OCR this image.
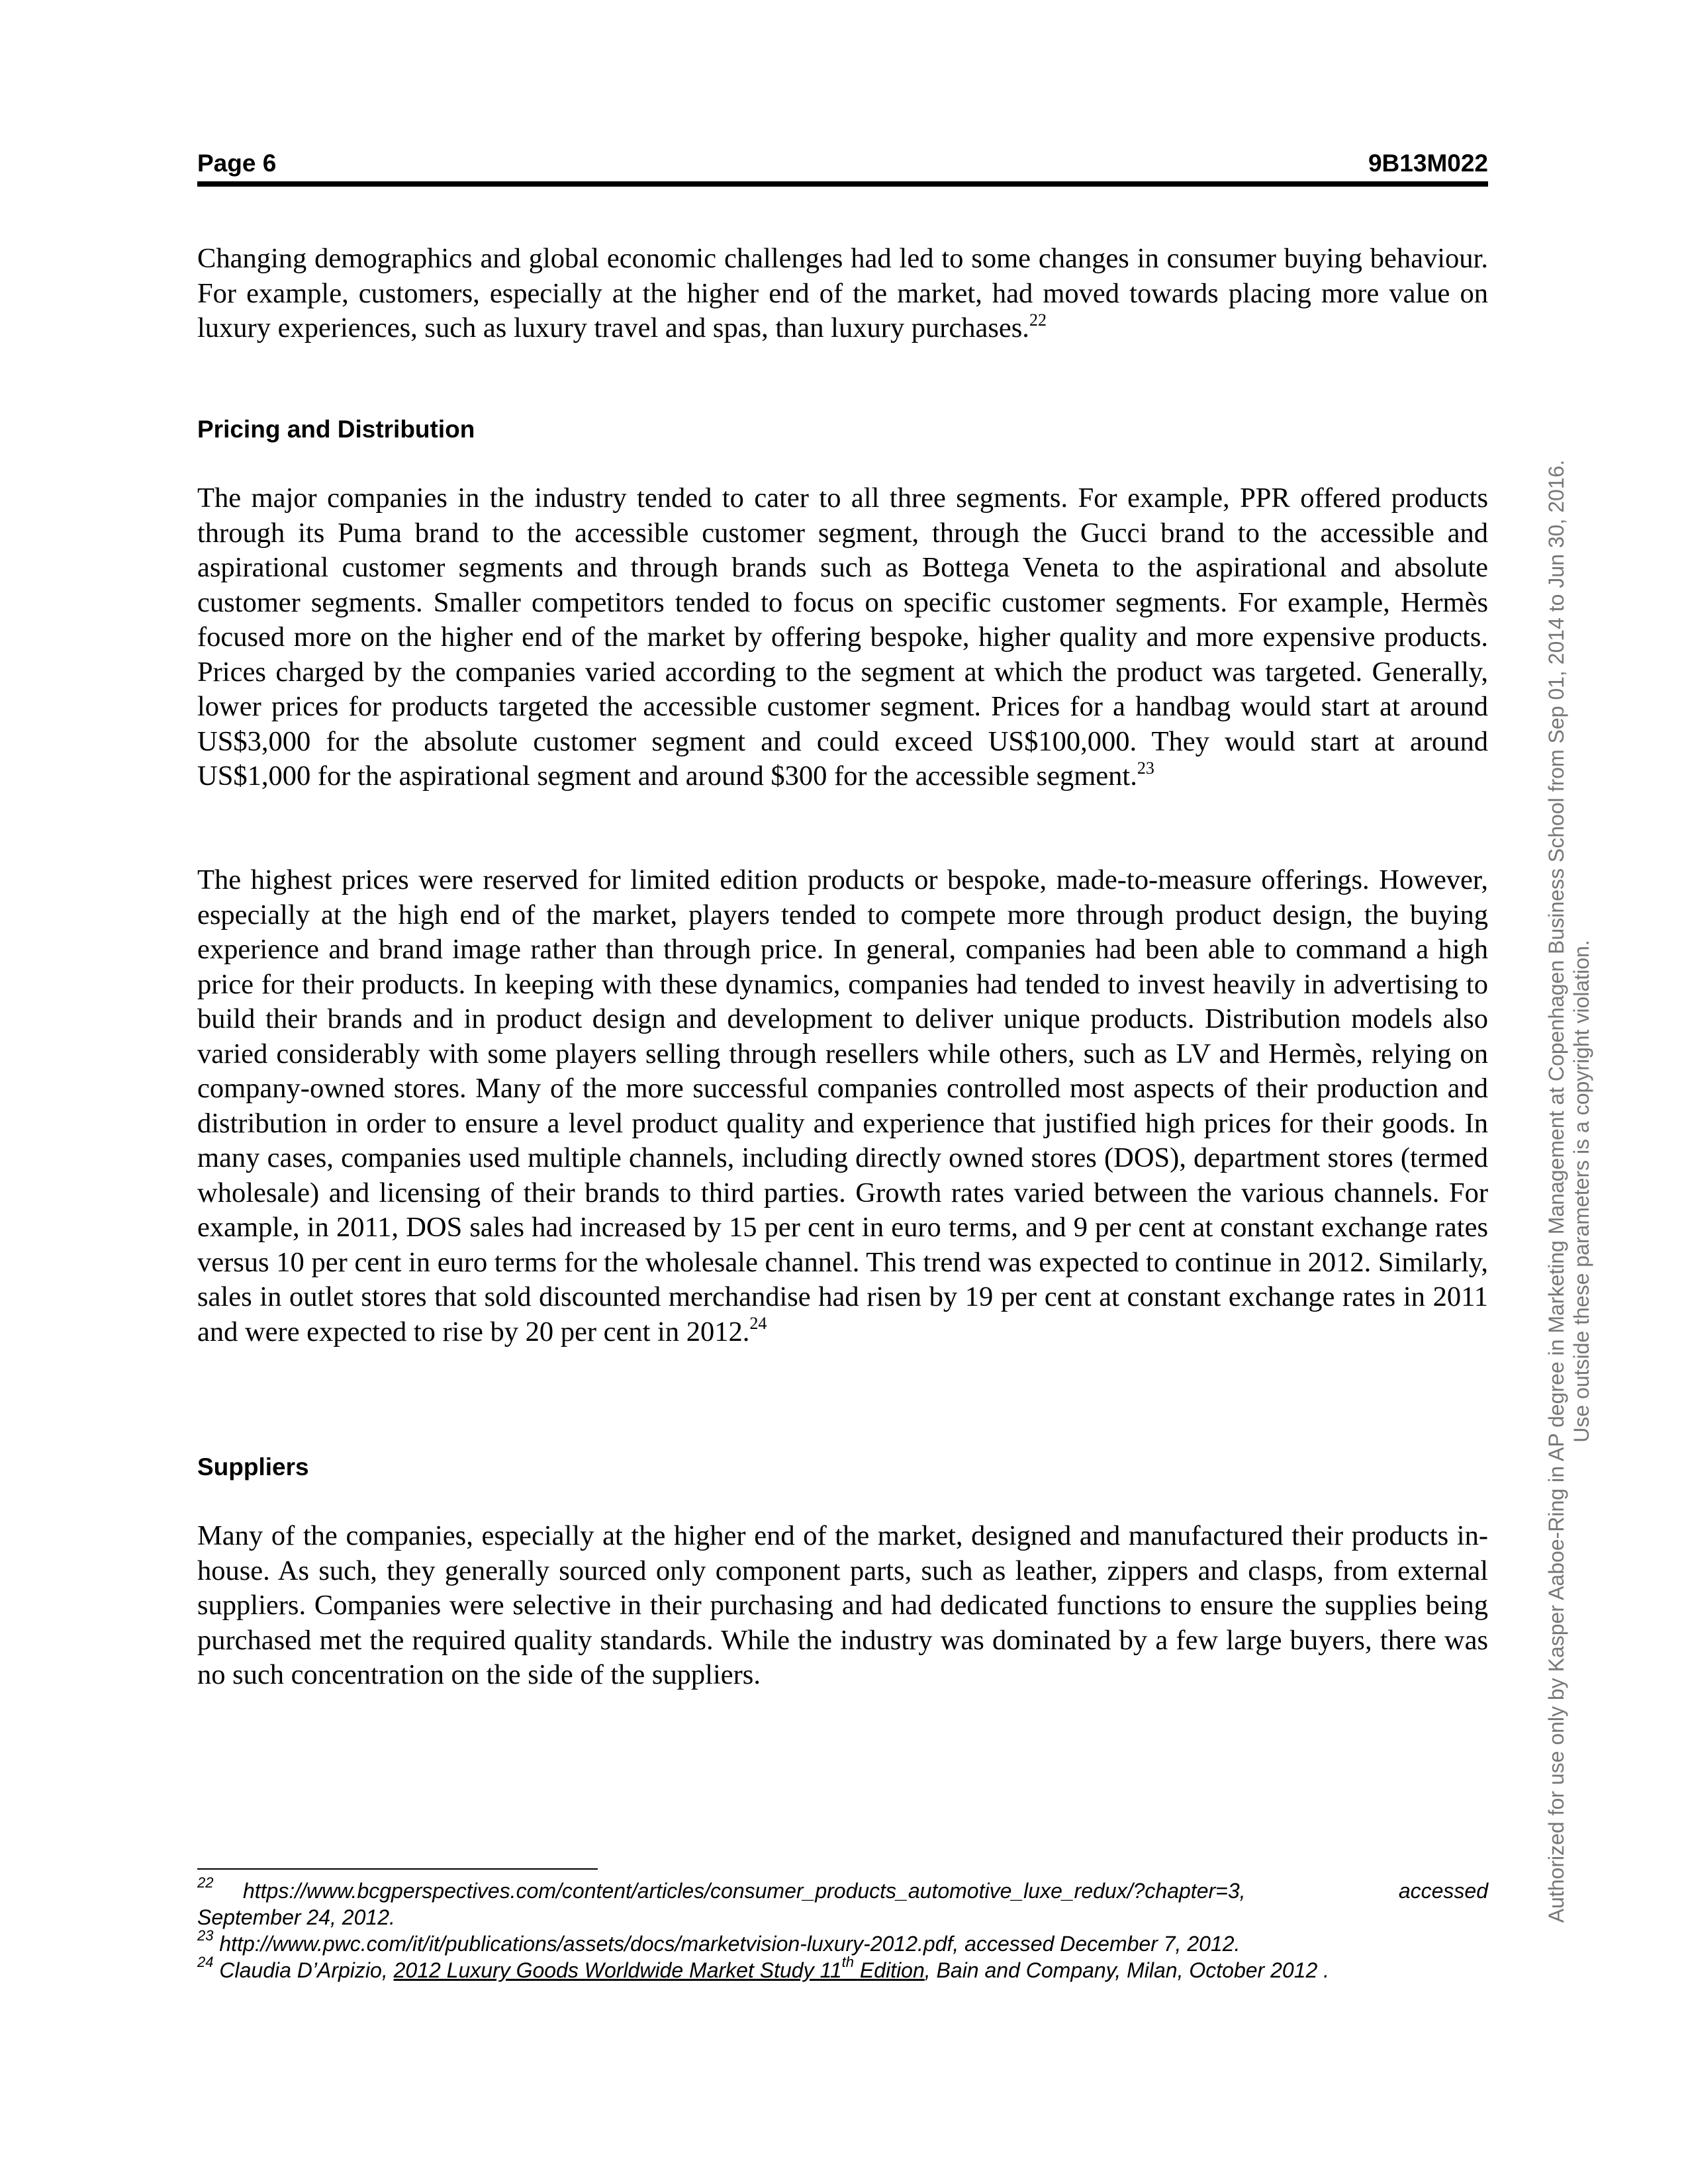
Page 6	9B13M022

Changing demographics and global economic challenges had led to some changes in consumer buying behaviour. For example, customers, especially at the higher end of the market, had moved towards placing more value on luxury experiences, such as luxury travel and spas, than luxury purchases.$^{22}$

Pricing and Distribution

The major companies in the industry tended to cater to all three segments. For example, PPR offered products through its Puma brand to the accessible customer segment, through the Gucci brand to the accessible and aspirational customer segments and through brands such as Bottega Veneta to the aspirational and absolute customer segments. Smaller competitors tended to focus on specific customer segments. For example, Hermès focused more on the higher end of the market by offering bespoke, higher quality and more expensive products. Prices charged by the companies varied according to the segment at which the product was targeted. Generally, lower prices for products targeted the accessible customer segment. Prices for a handbag would start at around US$3,000 for the absolute customer segment and could exceed US$100,000. They would start at around US$1,000 for the aspirational segment and around $300 for the accessible segment.$^{23}$

The highest prices were reserved for limited edition products or bespoke, made-to-measure offerings. However, especially at the high end of the market, players tended to compete more through product design, the buying experience and brand image rather than through price. In general, companies had been able to command a high price for their products. In keeping with these dynamics, companies had tended to invest heavily in advertising to build their brands and in product design and development to deliver unique products. Distribution models also varied considerably with some players selling through resellers while others, such as LV and Hermès, relying on company-owned stores. Many of the more successful companies controlled most aspects of their production and distribution in order to ensure a level product quality and experience that justified high prices for their goods. In many cases, companies used multiple channels, including directly owned stores (DOS), department stores (termed wholesale) and licensing of their brands to third parties. Growth rates varied between the various channels. For example, in 2011, DOS sales had increased by 15 per cent in euro terms, and 9 per cent at constant exchange rates versus 10 per cent in euro terms for the wholesale channel. This trend was expected to continue in 2012. Similarly, sales in outlet stores that sold discounted merchandise had risen by 19 per cent at constant exchange rates in 2011 and were expected to rise by 20 per cent in 2012.24

Suppliers

Many of the companies, especially at the higher end of the market, designed and manufactured their products in-house. As such, they generally sourced only component parts, such as leather, zippers and clasps, from external suppliers. Companies were selective in their purchasing and had dedicated functions to ensure the supplies being purchased met the required quality standards. While the industry was dominated by a few large buyers, there was no such concentration on the side of the suppliers.

$^{22}$ https://www.bcgperspectives.com/content/articles/consumer_products_automotive_luxe_redux/?chapter=3,	accessed
September 24, 2012.

$^{23}$ http://www.pwc.com/it/it/publications/assets/docs/marketvision-luxury-2012.pdf, accessed December 7, 2012.

$^{24}$ Claudia D’Arpizio, 2012 Luxury Goods Worldwide Market Study 11th Edition, Bain and Company, Milan, October 2012 .

Authorized for use only by Kasper Aaboe-Ring in AP degree in Marketing Management at Copenhagen Business School from Sep 01, 2014 to Jun 30, 2016. Use outside these parameters is a copyright violation.
